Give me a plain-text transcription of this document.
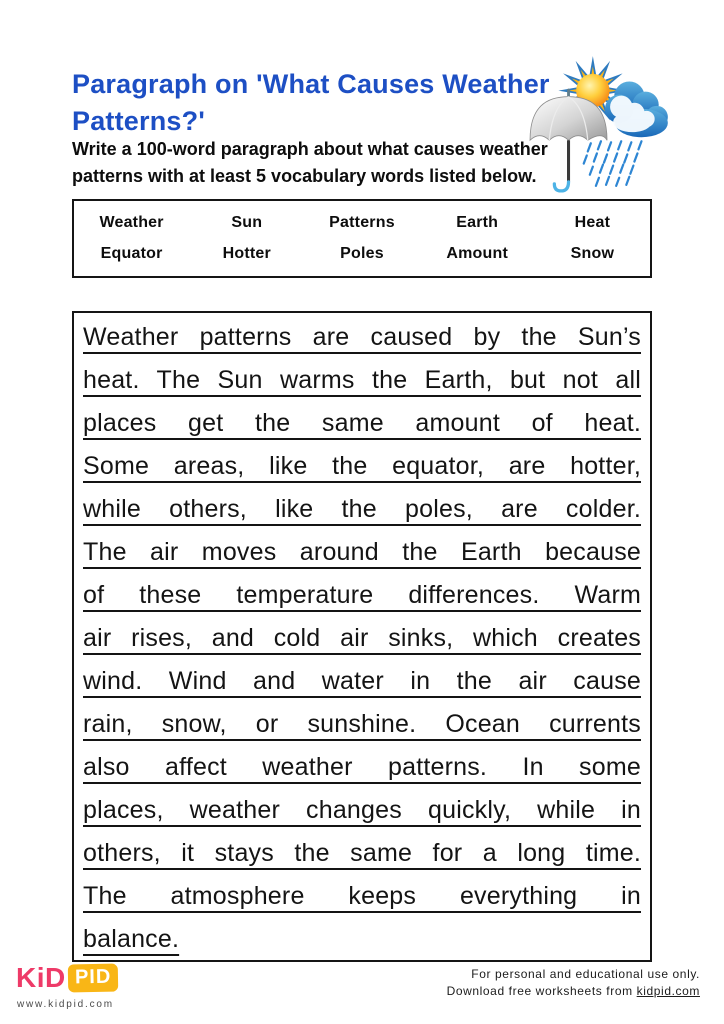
Paragraph on 'What Causes Weather
Patterns?'
Write a 100-word paragraph about what causes weather
patterns with at least 5 vocabulary words listed below.
Weather	Sun	Patterns	Earth	Heat
Equator	Hotter	Poles	Amount	Snow
Weather patterns are caused by the Sun’s
heat. The Sun warms the Earth, but not all
places get the same amount of heat.
Some areas, like the equator, are hotter,
while others, like the poles, are colder.
The air moves around the Earth because
of these temperature differences. Warm
air rises, and cold air sinks, which creates
wind. Wind and water in the air cause
rain, snow, or sunshine. Ocean currents
also affect weather patterns. In some
places, weather changes quickly, while in
others, it stays the same for a long time.
The atmosphere keeps everything in
balance.
KiD PID
www.kidpid.com
For personal and educational use only.
Download free worksheets from kidpid.com
